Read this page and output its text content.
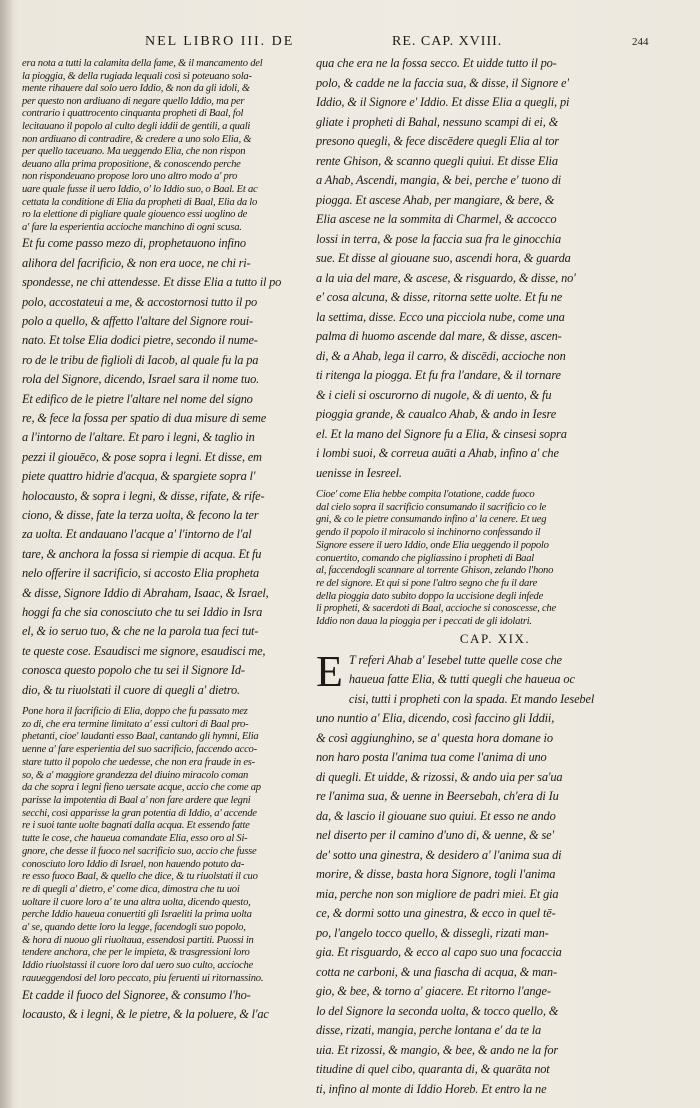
NEL LIBRO III. DE	RE. CAP. XVIII.	244
era nota a tutti la calamita della fame, & il mancamento del
la pioggia, & della rugiada lequali così si poteuano sola-
mente rihauere dal solo uero Iddio, & non da gli idoli, &
per questo non ardiuano di negare quello Iddio, ma per
contrario i quattrocento cinquanta propheti di Baal, fol
lecitauano il popolo al culto degli iddii de gentili, a quali
non ardiuano di contradire, & credere a uno solo Elia, &
per quello taceuano. Ma ueggendo Elia, che non rispon
deuano alla prima propositione, & conoscendo perche
non rispondeuano propose loro uno altro modo a' pro
uare quale fusse il uero Iddio, o' lo Iddio suo, o Baal. Et ac
cettata la conditione di Elia da propheti di Baal, Elia da lo
ro la elettione di pigliare quale giouenco essi uoglino de
a' fare la esperientia accioche manchino di ogni scusa.
Et fu come passo mezo di, prophetauono infino
alihora del facrificio, & non era uoce, ne chi ri-
spondesse, ne chi attendesse. Et disse Elia a tutto il po
polo, accostateui a me, & accostornosi tutto il po
polo a quello, & affetto l'altare del Signore roui-
nato. Et tolse Elia dodici pietre, secondo il nume-
ro de le tribu de figlioli di Iacob, al quale fu la pa
rola del Signore, dicendo, Israel sara il nome tuo.
Et edifico de le pietre l'altare nel nome del signo
re, & fece la fossa per spatio di dua misure di seme
a l'intorno de l'altare. Et paro i legni, & taglio in
pezzi il giouēco, & pose sopra i legni. Et disse, em
piete quattro hidrie d'acqua, & spargiete sopra l'
holocausto, & sopra i legni, & disse, rifate, & rife-
ciono, & disse, fate la terza uolta, & fecono la ter
za uolta. Et andauano l'acque a' l'intorno de l'al
tare, & anchora la fossa si riempie di acqua. Et fu
nelo offerire il sacrificio, si accosto Elia propheta
& disse, Signore Iddio di Abraham, Isaac, & Israel,
hoggi fa che sia conosciuto che tu sei Iddio in Isra
el, & io seruo tuo, & che ne la parola tua feci tut-
te queste cose. Esaudisci me signore, esaudisci me,
conosca questo popolo che tu sei il Signore Id-
dio, & tu riuolstati il cuore di quegli a' dietro.
Pone hora il facrificio di Elia, doppo che fu passato mez
zo di, che era termine limitato a' essi cultori di Baal pro-
phetanti, cioe' laudanti esso Baal, cantando gli hymni, Elia
uenne a' fare esperientia del suo sacrificio, faccendo acco-
stare tutto il popolo che uedesse, che non era fraude in es-
so, & a' maggiore grandezza del diuino miracolo coman
da che sopra i legni fieno uersate acque, accio che come ap
parisse la impotentia di Baal a' non fare ardere que legni
secchi, così apparisse la gran potentia di Iddio, a' accende
re i suoi tante uolte bagnati dalla acqua. Et essendo fatte
tutte le cose, che haueua comandate Elia, esso oro al Si-
gnore, che desse il fuoco nel sacrificio suo, accio che fusse
conosciuto loro Iddio di Israel, non hauendo potuto da-
re esso fuoco Baal, & quello che dice, & tu riuolstati il cuo
re di quegli a' dietro, e' come dica, dimostra che tu uoi
uoltare il cuore loro a' te una altra uolta, dicendo questo,
perche Iddio haueua conuertiti gli Israeliti la prima uolta
a' se, quando dette loro la legge, facendogli suo popolo,
& hora di nuouo gli riuoltaua, essendosi partiti. Puossi in
tendere anchora, che per le impieta, & trasgressioni loro
Iddio riuolstassi il cuore loro dal uero suo culto, accioche
rauueggendosi del loro peccato, piu feruenti ui ritornassino.
Et cadde il fuoco del Signoree, & consumo l'ho-
locausto, & i legni, & le pietre, & la poluere, & l'ac
qua che era ne la fossa secco. Et uidde tutto il po-
polo, & cadde ne la faccia sua, & disse, il Signore e'
Iddio, & il Signore e' Iddio. Et disse Elia a quegli, pi
gliate i propheti di Bahal, nessuno scampi di ei, &
presono quegli, & fece discēdere quegli Elia al tor
rente Ghison, & scanno quegli quiui. Et disse Elia
a Ahab, Ascendi, mangia, & bei, perche e' tuono di
piogga. Et ascese Ahab, per mangiare, & bere, &
Elia ascese ne la sommita di Charmel, & accocco
lossi in terra, & pose la faccia sua fra le ginocchia
sue. Et disse al giouane suo, ascendi hora, & guarda
a la uia del mare, & ascese, & risguardo, & disse, no'
e' cosa alcuna, & disse, ritorna sette uolte. Et fu ne
la settima, disse. Ecco una picciola nube, come una
palma di huomo ascende dal mare, & disse, ascen-
di, & a Ahab, lega il carro, & discēdi, accioche non
ti ritenga la piogga. Et fu fra l'andare, & il tornare
& i cieli si oscurorno di nugole, & di uento, & fu
pioggia grande, & caualco Ahab, & ando in Iesre
el. Et la mano del Signore fu a Elia, & cinsesi sopra
i lombi suoi, & correua auāti a Ahab, infino a' che
uenisse in Iesreel.
Cioe' come Elia hebbe compita l'otatione, cadde fuoco
dal cielo sopra il sacrificio consumando il sacrificio co le
gni, & co le pietre consumando infino a' la cenere. Et ueg
gendo il popolo il miracolo si inchinorno confessando il
Signore essere il uero Iddio, onde Elia ueggendo il popolo
conuertito, comando che pigliassino i propheti di Baal
al, faccendogli scannare al torrente Ghison, zelando l'hono
re del signore. Et qui si pone l'altro segno che fu il dare
della pioggia dato subito doppo la uccisione degli infede
li propheti, & sacerdoti di Baal, accioche si conoscesse, che
Iddio non daua la pioggia per i peccati de gli idolatri.
CAP. XIX.
E T referi Ahab a' Iesebel tutte quelle cose che
haueua fatte Elia, & tutti quegli che haueua oc
cisi, tutti i propheti con la spada. Et mando Iesebel
uno nuntio a' Elia, dicendo, così faccino gli Iddii,
& così aggiunghino, se a' questa hora domane io
non haro posta l'anima tua come l'anima di uno
di quegli. Et uidde, & rizossi, & ando uia per sa'ua
re l'anima sua, & uenne in Beersebah, ch'era di Iu
da, & lascio il giouane suo quiui. Et esso ne ando
nel diserto per il camino d'uno di, & uenne, & se'
de' sotto una ginestra, & desidero a' l'anima sua di
morire, & disse, basta hora Signore, togli l'anima
mia, perche non son migliore de padri miei. Et gia
ce, & dormi sotto una ginestra, & ecco in quel tē-
po, l'angelo tocco quello, & dissegli, rizati man-
gia. Et risguardo, & ecco al capo suo una focaccia
cotta ne carboni, & una fiascha di acqua, & man-
gio, & bee, & torno a' giacere. Et ritorno l'ange-
lo del Signore la seconda uolta, & tocco quello, &
disse, rizati, mangia, perche lontana e' da te la
uia. Et rizossi, & mangio, & bee, & ando ne la for
titudine di quel cibo, quaranta di, & quarāta not
ti, infino al monte di Iddio Horeb. Et entro la ne
